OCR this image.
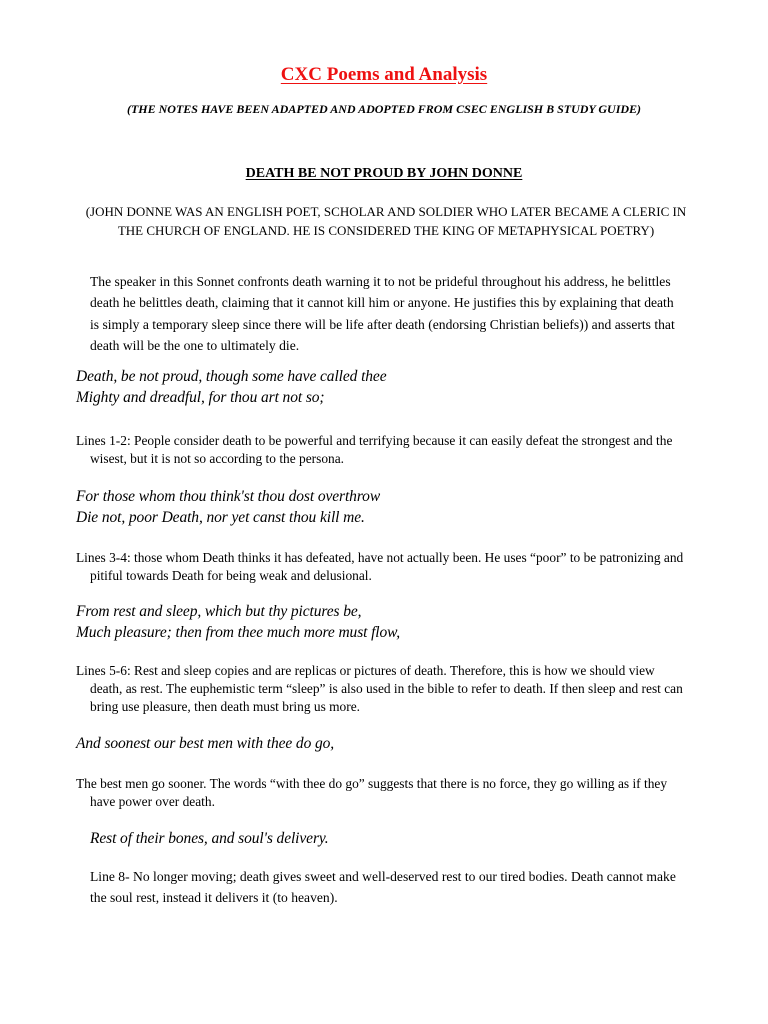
CXC Poems and Analysis
(THE NOTES HAVE BEEN ADAPTED AND ADOPTED FROM CSEC ENGLISH B STUDY GUIDE)
DEATH BE NOT PROUD BY JOHN DONNE
(JOHN DONNE WAS AN ENGLISH POET, SCHOLAR AND SOLDIER WHO LATER BECAME A CLERIC IN THE CHURCH OF ENGLAND. HE IS CONSIDERED THE KING OF METAPHYSICAL POETRY)
The speaker in this Sonnet confronts death warning it to not be prideful throughout his address, he belittles death he belittles death, claiming that it cannot kill him or anyone. He justifies this by explaining that death is simply a temporary sleep since there will be life after death (endorsing Christian beliefs)) and asserts that death will be the one to ultimately die.
Death, be not proud, though some have called thee
Mighty and dreadful, for thou art not so;
Lines 1-2: People consider death to be powerful and terrifying because it can easily defeat the strongest and the wisest, but it is not so according to the persona.
For those whom thou think'st thou dost overthrow
Die not, poor Death, nor yet canst thou kill me.
Lines 3-4: those whom Death thinks it has defeated, have not actually been. He uses “poor” to be patronizing and pitiful towards Death for being weak and delusional.
From rest and sleep, which but thy pictures be,
Much pleasure; then from thee much more must flow,
Lines 5-6: Rest and sleep copies and are replicas or pictures of death. Therefore, this is how we should view death, as rest. The euphemistic term “sleep” is also used in the bible to refer to death. If then sleep and rest can bring use pleasure, then death must bring us more.
And soonest our best men with thee do go,
The best men go sooner. The words “with thee do go” suggests that there is no force, they go willing as if they have power over death.
Rest of their bones, and soul's delivery.
Line 8- No longer moving; death gives sweet and well-deserved rest to our tired bodies. Death cannot make the soul rest, instead it delivers it (to heaven).
